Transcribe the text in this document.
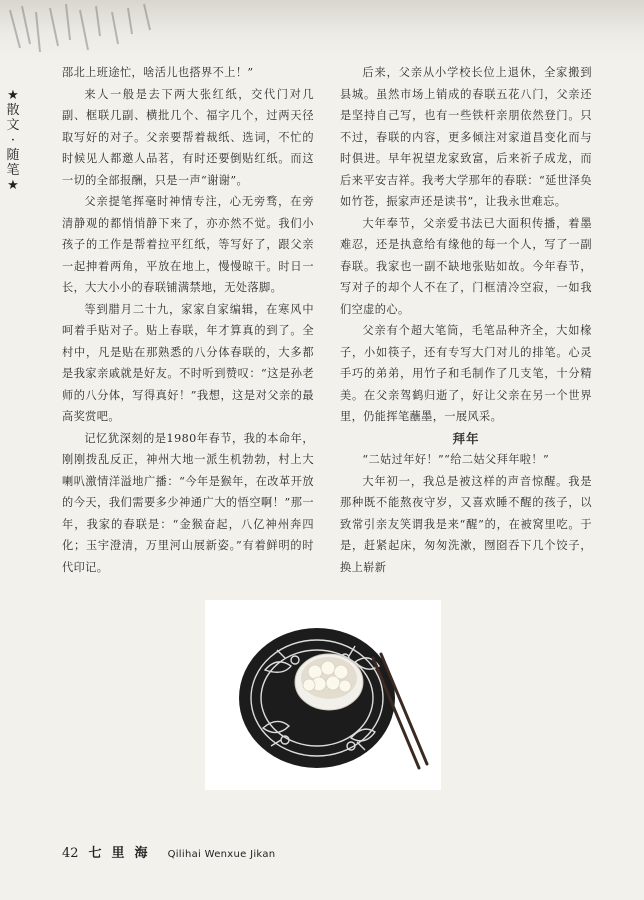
★
散
文
·
随
笔
★

邵北上班途忙，啥活儿也搭界不上！”

来人一般是去下两大张红纸，交代门对几副、框联几副、横批几个、福字几个，过两天径取写好的对子。父亲要帮着裁纸、选词，不忙的时候见人都邀人品茗，有时还要倒贴红纸。而这一切的全部报酬，只是一声“谢谢”。

父亲提笔挥毫时神情专注，心无旁骛，在旁清静观的都悄悄静下来了，亦亦然不觉。我们小孩子的工作是帮着拉平红纸，等写好了，跟父亲一起抻着两角，平放在地上，慢慢晾干。时日一长，大大小小的春联铺满禁地，无处落脚。

等到腊月二十九，家家自家编辑，在寒风中呵着手贴对子。贴上春联，年才算真的到了。全村中，凡是贴在那熟悉的八分体春联的，大多都是我家亲戚就是好友。不时听到赞叹：“这是孙老师的八分体，写得真好！”我想，这是对父亲的最高奖赏吧。

记忆犹深刻的是1980年春节，我的本命年，刚刚拨乱反正，神州大地一派生机勃勃，村上大喇叭激情洋溢地广播：“今年是猴年，在改革开放的今天，我们需要多少神通广大的悟空啊！”那一年，我家的春联是：“金猴奋起，八亿神州奔四化；玉宇澄清，万里河山展新姿。”有着鲜明的时代印记。

后来，父亲从小学校长位上退休，全家搬到县城。虽然市场上销成的春联五花八门，父亲还是坚持自己写，也有一些铁杆亲朋依然登门。只不过，春联的内容，更多倾注对家道昌变化而与时俱进。早年祝望龙家致富，后来祈子成龙，而后来平安吉祥。我考大学那年的春联：“延世泽奂如竹苍，振家声还是读书”，让我永世难忘。

大年奉节，父亲爱书法已大面积传播，着墨难忍，还是执意给有缘他的每一个人，写了一副春联。我家也一副不缺地张贴如故。今年春节，写对子的却个人不在了，门框清冷空寂，一如我们空虚的心。

父亲有个超大笔筒，毛笔品种齐全，大如椽子，小如筷子，还有专写大门对儿的排笔。心灵手巧的弟弟，用竹子和毛制作了几支笔，十分精美。在父亲驾鹤归逝了，好让父亲在另一个世界里，仍能挥笔蘸墨，一展风采。

拜年

“二姑过年好！”“给二姑父拜年啦！”

大年初一，我总是被这样的声音惊醒。我是那种既不能熬夜守岁，又喜欢睡不醒的孩子，以致常引亲友笑谓我是来“醒”的，在被窝里吃。于是，赶紧起床，匆匆洗漱，囫囵吞下几个饺子，换上崭新

42 七里海 Qilihai Wenxue Jikan
